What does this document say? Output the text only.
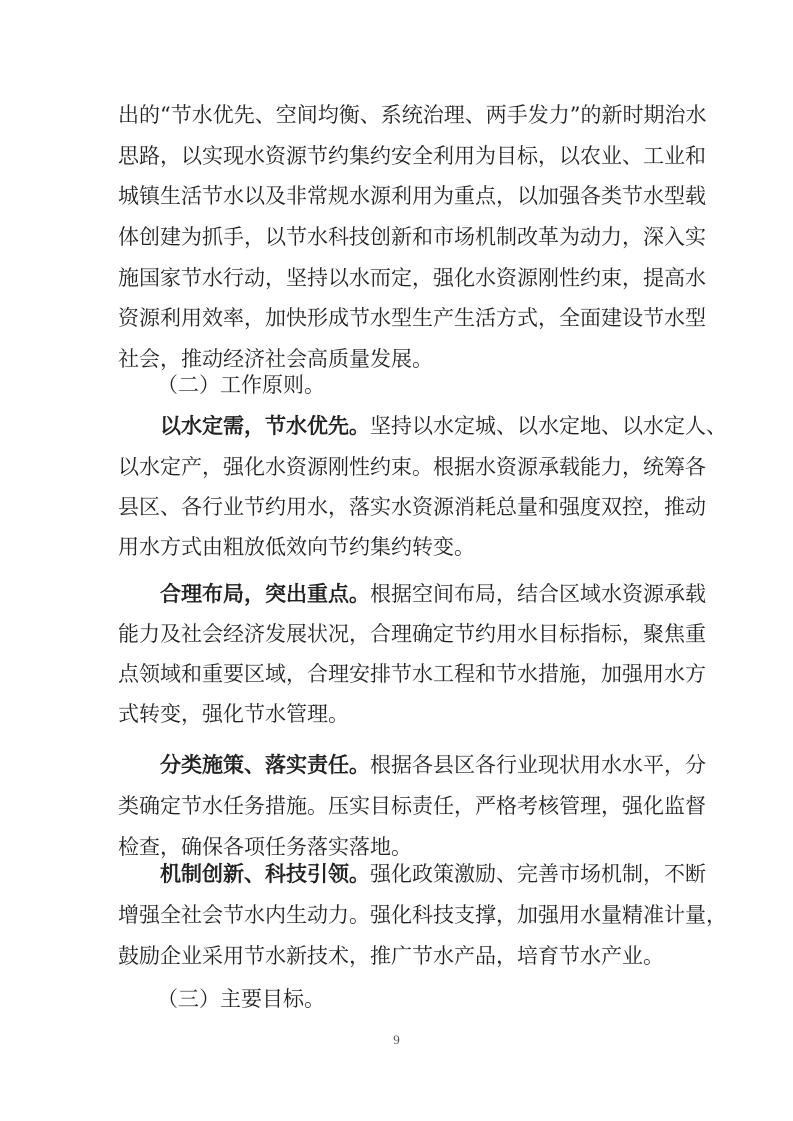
出的“节水优先、空间均衡、系统治理、两手发力”的新时期治水
思路，以实现水资源节约集约安全利用为目标，以农业、工业和
城镇生活节水以及非常规水源利用为重点，以加强各类节水型载
体创建为抓手，以节水科技创新和市场机制改革为动力，深入实
施国家节水行动，坚持以水而定，强化水资源刚性约束，提高水
资源利用效率，加快形成节水型生产生活方式，全面建设节水型
社会，推动经济社会高质量发展。
（二）工作原则。
以水定需，节水优先。坚持以水定城、以水定地、以水定人、
以水定产，强化水资源刚性约束。根据水资源承载能力，统筹各
县区、各行业节约用水，落实水资源消耗总量和强度双控，推动
用水方式由粗放低效向节约集约转变。
合理布局，突出重点。根据空间布局，结合区域水资源承载
能力及社会经济发展状况，合理确定节约用水目标指标，聚焦重
点领域和重要区域，合理安排节水工程和节水措施，加强用水方
式转变，强化节水管理。
分类施策、落实责任。根据各县区各行业现状用水水平，分
类确定节水任务措施。压实目标责任，严格考核管理，强化监督
检查，确保各项任务落实落地。
9
机制创新、科技引领。强化政策激励、完善市场机制，不断
增强全社会节水内生动力。强化科技支撑，加强用水量精准计量，
鼓励企业采用节水新技术，推广节水产品，培育节水产业。
（三）主要目标。
